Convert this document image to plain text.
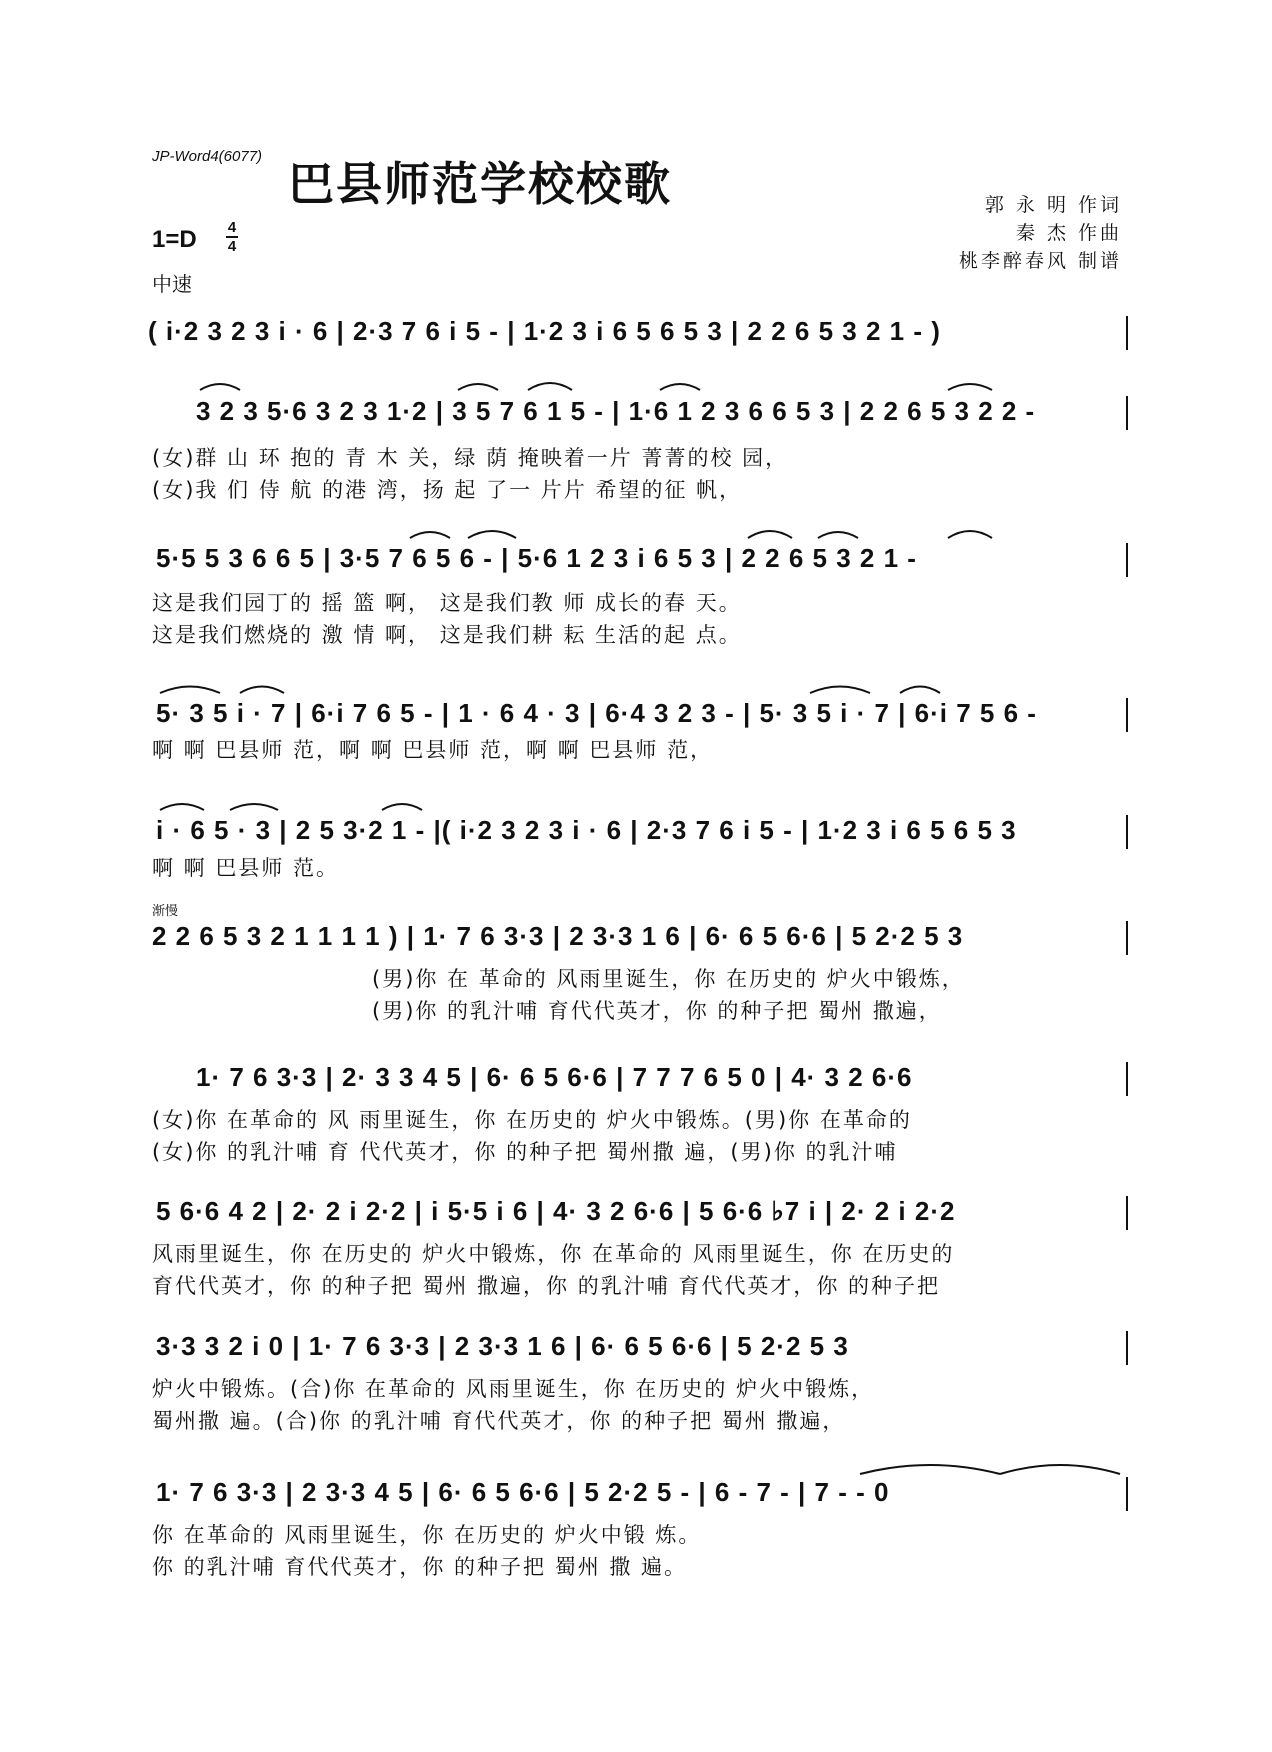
JP-Word4(6077)
巴县师范学校校歌	郭 永 明 作词
秦 杰 作曲
桃李醉春风 制谱
1=D 4
4
中速
( i·2 3 2 3 i · 6 | 2·3 7 6 i 5 - | 1·2 3 i 6 5 6 5 3 | 2 2 6 5 3 2 1 - )
3 2 3 5·6 3 2 3 1·2 | 3 5 7 6 1 5 - | 1·6 1 2 3 6 6 5 3 | 2 2 6 5 3 2 2 -
(女)群 山 环 抱的 青 木 关，绿 荫 掩映着一片 菁菁的校 园，
(女)我 们 侍 航 的港 湾，扬 起 了一 片片 希望的征 帆，
5·5 5 3 6 6 5 | 3·5 7 6 5 6 - | 5·6 1 2 3 i 6 5 3 | 2 2 6 5 3 2 1 -
这是我们园丁的 摇 篮 啊， 这是我们教 师 成长的春 天。
这是我们燃烧的 激 情 啊， 这是我们耕 耘 生活的起 点。
5· 3 5 i · 7 | 6·i 7 6 5 - | 1 · 6 4 · 3 | 6·4 3 2 3 - | 5· 3 5 i · 7 | 6·i 7 5 6 -
啊 啊 巴县师 范，啊 啊 巴县师 范，啊 啊 巴县师 范，
i · 6 5 · 3 | 2 5 3·2 1 - |( i·2 3 2 3 i · 6 | 2·3 7 6 i 5 - | 1·2 3 i 6 5 6 5 3
啊 啊 巴县师 范。
渐慢
2 2 6 5 3 2 1 1 1 1 ) | 1· 7 6 3·3 | 2 3·3 1 6 | 6· 6 5 6·6 | 5 2·2 5 3
(男)你 在 革命的 风雨里诞生，你 在历史的 炉火中锻炼，
(男)你 的乳汁哺 育代代英才，你 的种子把 蜀州 撒遍，
1· 7 6 3·3 | 2· 3 3 4 5 | 6· 6 5 6·6 | 7 7 7 6 5 0 | 4· 3 2 6·6
(女)你 在革命的 风 雨里诞生，你 在历史的 炉火中锻炼。(男)你 在革命的
(女)你 的乳汁哺 育 代代英才，你 的种子把 蜀州撒 遍，(男)你 的乳汁哺
5 6·6 4 2 | 2· 2 i 2·2 | i 5·5 i 6 | 4· 3 2 6·6 | 5 6·6 ♭7 i | 2· 2 i 2·2
风雨里诞生，你 在历史的 炉火中锻炼，你 在革命的 风雨里诞生，你 在历史的
育代代英才，你 的种子把 蜀州 撒遍，你 的乳汁哺 育代代英才，你 的种子把
3·3 3 2 i 0 | 1· 7 6 3·3 | 2 3·3 1 6 | 6· 6 5 6·6 | 5 2·2 5 3
炉火中锻炼。(合)你 在革命的 风雨里诞生，你 在历史的 炉火中锻炼，
蜀州撒 遍。(合)你 的乳汁哺 育代代英才，你 的种子把 蜀州 撒遍，
1· 7 6 3·3 | 2 3·3 4 5 | 6· 6 5 6·6 | 5 2·2 5 - | 6 - 7 - | 7 - - 0
你 在革命的 风雨里诞生，你 在历史的 炉火中锻 炼。
你 的乳汁哺 育代代英才，你 的种子把 蜀州 撒 遍。
